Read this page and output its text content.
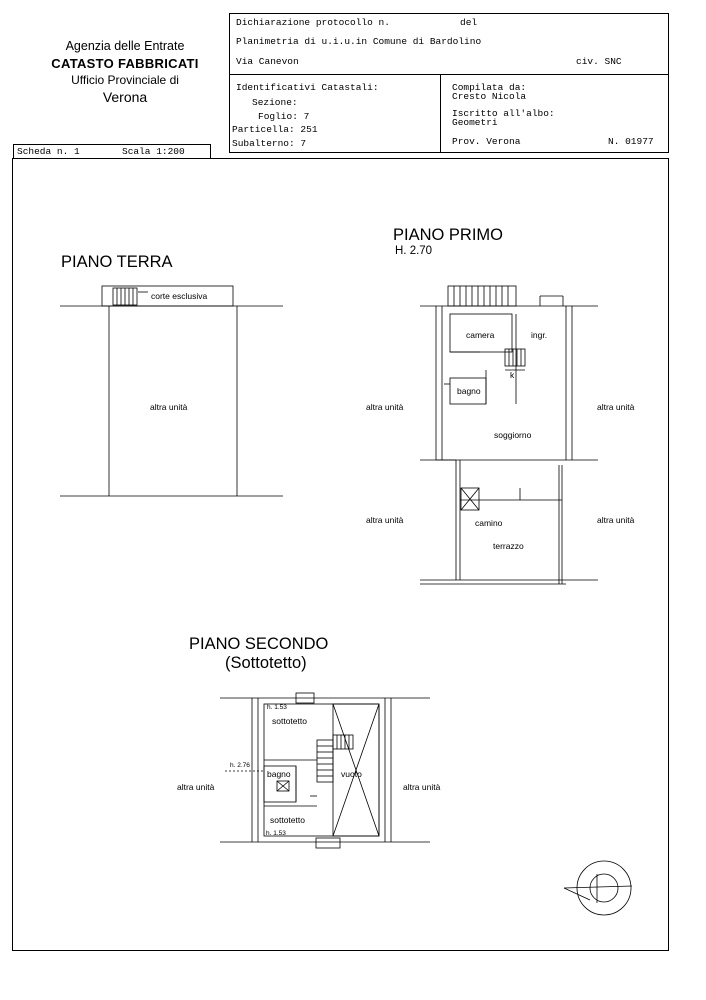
Agenzia delle Entrate
CATASTO FABBRICATI
Ufficio Provinciale di
Verona
Dichiarazione protocollo n.	del
Planimetria di u.i.u.in Comune di Bardolino
Via Canevon	civ. SNC
Identificativi Catastali:
Sezione:
Foglio: 7
Particella: 251
Subalterno: 7
Compilata da:
Cresto Nicola
Iscritto all'albo:
Geometri
Prov. Verona	N. 01977
Scheda n. 1	Scala 1:200
PIANO TERRA
corte esclusiva
altra unità
PIANO PRIMO
H. 2.70
camera	ingr.
k
bagno
soggiorno
camino
terrazzo
altra unità	altra unità
altra unità	altra unità
PIANO SECONDO
(Sottotetto)
h. 1.53
sottotetto
h. 2.76
bagno	vuoto
sottotetto
h. 1.53
altra unità	altra unità
